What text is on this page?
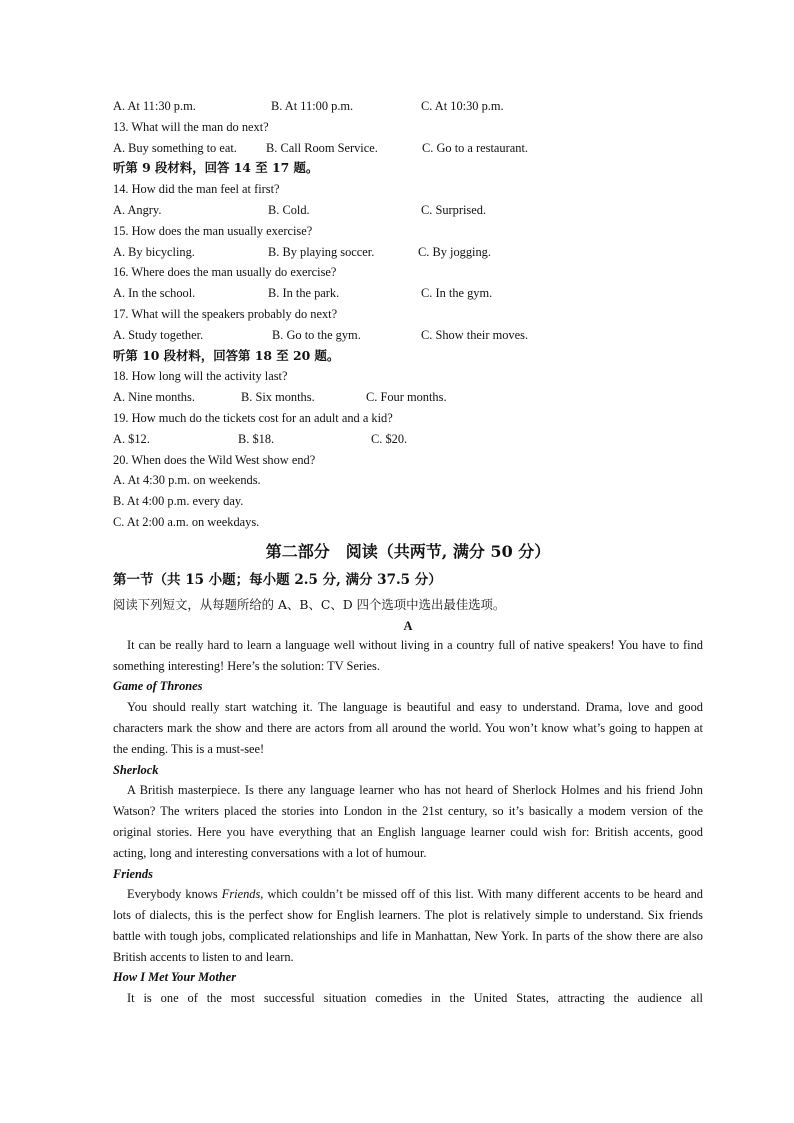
A. At 11:30 p.m.	B. At 11:00 p.m.	C. At 10:30 p.m.
13. What will the man do next?
A. Buy something to eat. B. Call Room Service.	C. Go to a restaurant.
听第 9 段材料，回答 14 至 17 题。
14. How did the man feel at first?
A. Angry.	B. Cold.	C. Surprised.
15. How does the man usually exercise?
A. By bicycling.	B. By playing soccer.	C. By jogging.
16. Where does the man usually do exercise?
A. In the school.	B. In the park.	C. In the gym.
17. What will the speakers probably do next?
A. Study together.	B. Go to the gym.	C. Show their moves.
听第 10 段材料，回答第 18 至 20 题。
18. How long will the activity last?
A. Nine months.	B. Six months.	C. Four months.
19. How much do the tickets cost for an adult and a kid?
A. $12.	B. $18.	C. $20.
20. When does the Wild West show end?
A. At 4:30 p.m. on weekends.
B. At 4:00 p.m. every day.
C. At 2:00 a.m. on weekdays.
第二部分　阅读（共两节, 满分 50 分）
第一节（共 15 小题；每小题 2.5 分, 满分 37.5 分）
阅读下列短文，从每题所给的 A、B、C、D 四个选项中选出最佳选项。
A
It can be really hard to learn a language well without living in a country full of native speakers! You have to find something interesting! Here’s the solution: TV Series.
Game of Thrones
You should really start watching it. The language is beautiful and easy to understand. Drama, love and good characters mark the show and there are actors from all around the world. You won’t know what’s going to happen at the ending. This is a must-see!
Sherlock
A British masterpiece. Is there any language learner who has not heard of Sherlock Holmes and his friend John Watson? The writers placed the stories into London in the 21st century, so it’s basically a modem version of the original stories. Here you have everything that an English language learner could wish for: British accents, good acting, long and interesting conversations with a lot of humour.
Friends
Everybody knows Friends, which couldn’t be missed off of this list. With many different accents to be heard and lots of dialects, this is the perfect show for English learners. The plot is relatively simple to understand. Six friends battle with tough jobs, complicated relationships and life in Manhattan, New York. In parts of the show there are also British accents to listen to and learn.
How I Met Your Mother
It is one of the most successful situation comedies in the United States, attracting the audience all
